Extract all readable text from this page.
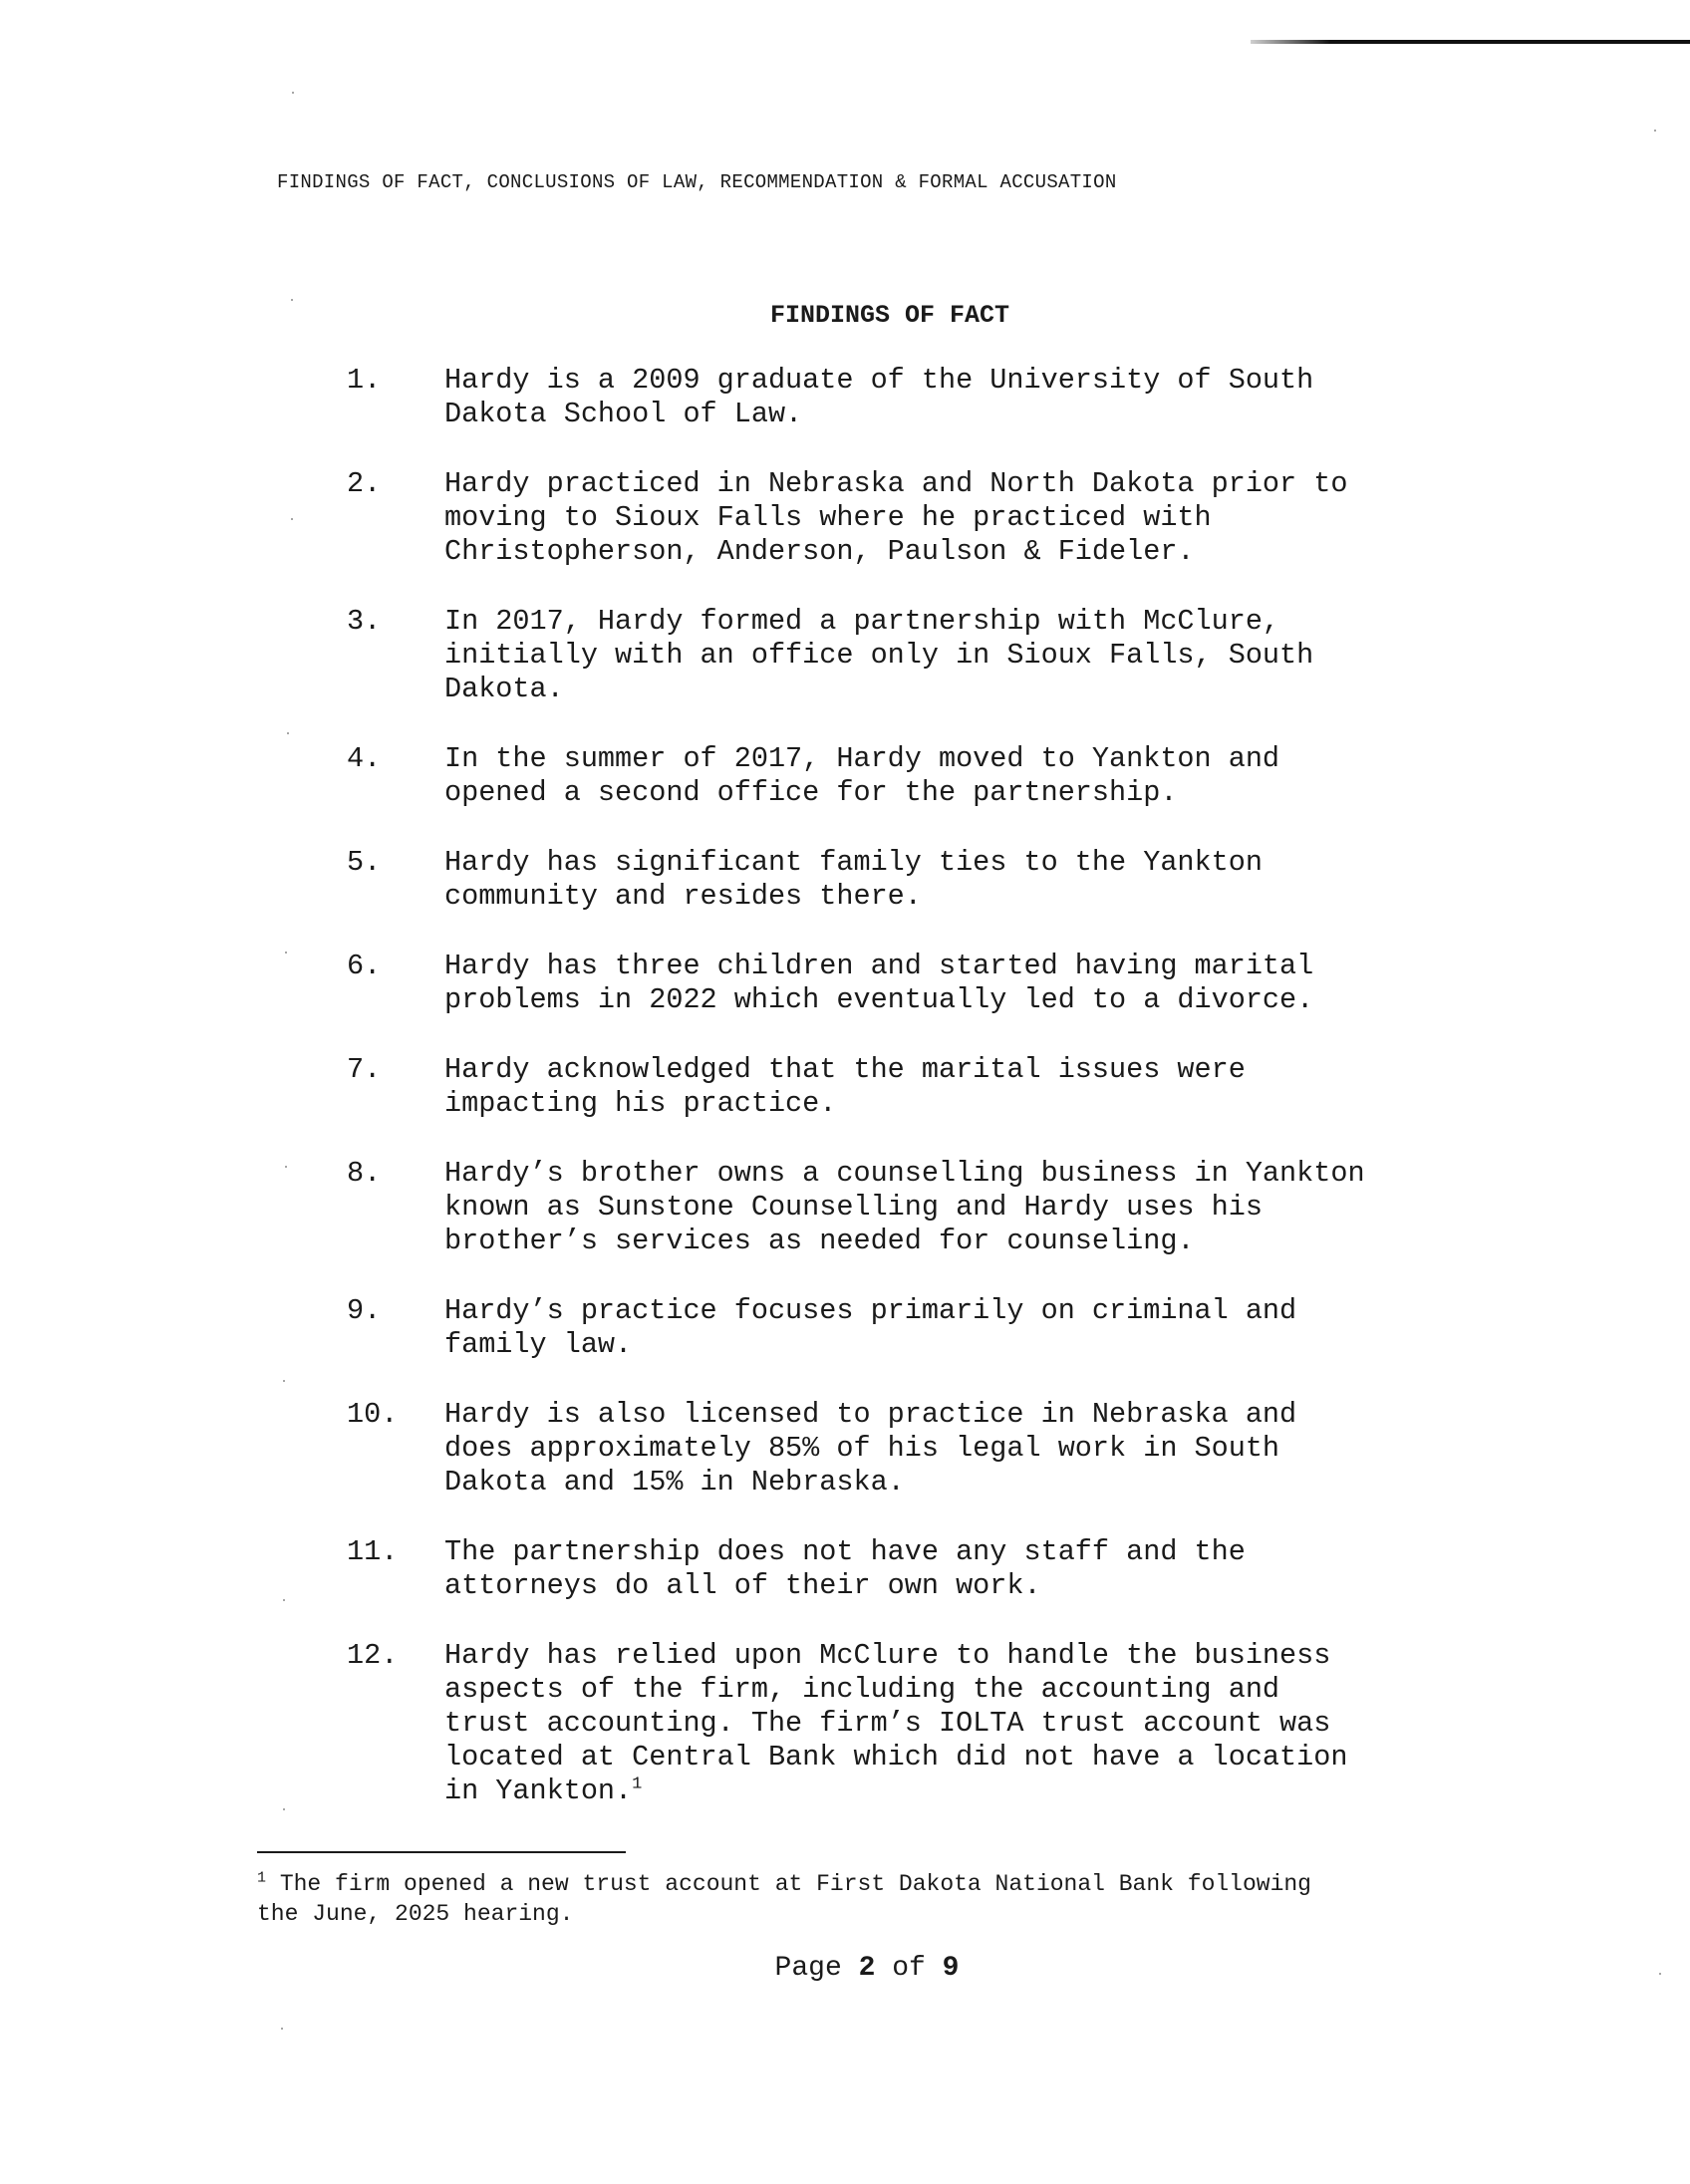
FINDINGS OF FACT, CONCLUSIONS OF LAW, RECOMMENDATION & FORMAL ACCUSATION
FINDINGS OF FACT
1.	Hardy is a 2009 graduate of the University of South
Dakota School of Law.
2.	Hardy practiced in Nebraska and North Dakota prior to
moving to Sioux Falls where he practiced with
Christopherson, Anderson, Paulson & Fideler.
3.	In 2017, Hardy formed a partnership with McClure,
initially with an office only in Sioux Falls, South
Dakota.
4.	In the summer of 2017, Hardy moved to Yankton and
opened a second office for the partnership.
5.	Hardy has significant family ties to the Yankton
community and resides there.
6.	Hardy has three children and started having marital
problems in 2022 which eventually led to a divorce.
7.	Hardy acknowledged that the marital issues were
impacting his practice.
8.	Hardy’s brother owns a counselling business in Yankton
known as Sunstone Counselling and Hardy uses his
brother’s services as needed for counseling.
9.	Hardy’s practice focuses primarily on criminal and
family law.
10.	Hardy is also licensed to practice in Nebraska and
does approximately 85% of his legal work in South
Dakota and 15% in Nebraska.
11.	The partnership does not have any staff and the
attorneys do all of their own work.
12.	Hardy has relied upon McClure to handle the business
aspects of the firm, including the accounting and
trust accounting. The firm’s IOLTA trust account was
located at Central Bank which did not have a location
in Yankton.$^1$
$^1$ The firm opened a new trust account at First Dakota National Bank following
the June, 2025 hearing.
Page 2 of 9
